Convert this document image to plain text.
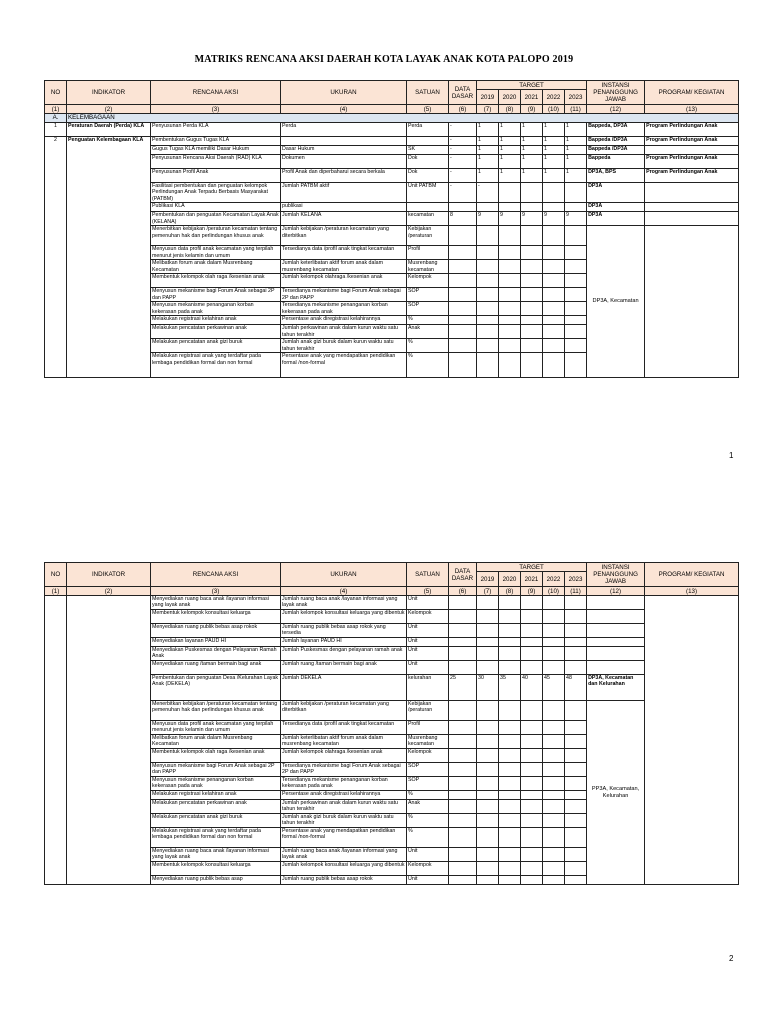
MATRIKS RENCANA AKSI DAERAH KOTA LAYAK ANAK KOTA PALOPO 2019
NO	INDIKATOR	RENCANA AKSI	UKURAN	SATUAN	DATA DASAR	TARGET					INSTANSI PENANGGUNG JAWAB	PROGRAM/ KEGIATAN
						2019	2020	2021	2022	2023		
(1)	(2)	(3)	(4)	(5)	(6)	(7)	(8)	(9)	(10)	(11)	(12)	(13)
A.	KELEMBAGAAN											
1	Peraturan Daerah (Perda) KLA	Penyusunan Perda KLA	Perda	Perda	-	1	1	1	1	1	Bappeda, DP3A	Program Perlindungan Anak
2	Penguatan Kelembagaan KLA	Pembentukan Gugus Tugas KLA			-	1	1	1	1	1	Bappeda /DP3A	Program Perlindungan Anak
		Gugus Tugas KLA memiliki Dasar Hukum	Dasar Hukum	SK	-	1	1	1	1	1	Bappeda /DP3A	
		Penyusunan Rencana Aksi Daerah (RAD) KLA	Dokumen	Dok	-	1	1	1	1	1	Bappeda	Program Perlindungan Anak
		Penyusunan Profil Anak	Profil Anak dan diperbaharui secara berkala	Dok	-	1	1	1	1	1	DP3A, BPS	Program Perlindungan Anak
		Fasilitasi pembentukan dan penguatan kelompok Perlindungan Anak Terpadu Berbasis Masyarakat (PATBM)	Jumlah PATBM aktif	Unit PATBM	-	-					DP3A	
		Publikasi KLA	publikasi								DP3A	
		Pembentukan dan penguatan Kecamatan Layak Anak (KELANA)	Jumlah KELANA	kecamatan	8	9	9	9	9	9	DP3A	
		Menerbitkan kebijakan /peraturan kecamatan tentang pemenuhan hak dan perlindungan khusus anak	Jumlah kebijakan /peraturan kecamatan yang diterbitkan	Kebijakan /peraturan							DP3A, Kecamatan	
		Menyusun data profil anak kecamatan yang terpilah menurut jenis kelamin dan umum	Tersedianya data /profil anak tingkat kecamatan	Profil								
		Melibatkan forum anak dalam Musrenbang Kecamatan	Jumlah keterlibatan aktif forum anak dalam musrenbang kecamatan	Musrenbang kecamatan								
		Membentuk kelompok olah raga /kesenian anak	Jumlah kelompok olahraga /kesenian anak	Kelompok								
		Menyusun mekanisme bagi Forum Anak sebagai 2P dan PAPP	Tersedianya mekanisme bagi Forum Anak sebagai 2P dan PAPP	SOP								
		Menyusun mekanisme penanganan korban kekerasan pada anak	Tersedianya mekanisme penanganan korban kekerasan pada anak	SOP								
		Melakukan registrasi kelahiran anak	Persentase anak diregistrasi kelahirannya	%								
		Melakukan pencatatan perkawinan anak	Jumlah perkawinan anak dalam kurun waktu satu tahun terakhir	Anak								
		Melakukan pencatatan anak gizi buruk	Jumlah anak gizi buruk dalam kurun waktu satu tahun terakhir	%								
		Melakukan registrasi anak yang terdaftar pada lembaga pendidikan formal dan non formal	Persentase anak yang mendapatkan pendidikan formal /non-formal	%								
1
NO	INDIKATOR	RENCANA AKSI	UKURAN	SATUAN	DATA DASAR	TARGET					INSTANSI PENANGGUNG JAWAB	PROGRAM/ KEGIATAN
						2019	2020	2021	2022	2023		
(1)	(2)	(3)	(4)	(5)	(6)	(7)	(8)	(9)	(10)	(11)	(12)	(13)
		Menyediakan ruang baca anak /layanan informasi yang layak anak	Jumlah ruang baca anak /layanan informasi yang layak anak	Unit								
		Membentuk kelompok konsultasi keluarga	Jumlah kelompok konsultasi keluarga yang dibentuk	Kelompok								
		Menyediakan ruang publik bebas asap rokok	Jumlah ruang publik bebas asap rokok yang tersedia	Unit								
		Menyediakan layanan PAUD HI	Jumlah layanan PAUD HI	Unit								
		Menyediakan Puskesmas dengan Pelayanan Ramah Anak	Jumlah Puskesmas dengan pelayanan ramah anak	Unit								
		Menyediakan ruang /taman bermain bagi anak	Jumlah ruang /taman bermain bagi anak	Unit								
		Pembentukan dan penguatan Desa /Kelurahan Layak Anak (DEKELA)	Jumlah DEKELA	kelurahan	25	30	35	40	45	48	DP3A, Kecamatan dan Kelurahan	
		Menerbitkan kebijakan /peraturan kecamatan tentang pemenuhan hak dan perlindungan khusus anak	Jumlah kebijakan /peraturan kecamatan yang diterbitkan	Kebijakan /peraturan							PP3A, Kecamatan, Kelurahan	
		Menyusun data profil anak kecamatan yang terpilah menurut jenis kelamin dan umum	Tersedianya data /profil anak tingkat kecamatan	Profil								
		Melibatkan forum anak dalam Musrenbang Kecamatan	Jumlah keterlibatan aktif forum anak dalam musrenbang kecamatan	Musrenbang kecamatan								
		Membentuk kelompok olah raga /kesenian anak	Jumlah kelompok olahraga /kesenian anak	Kelompok								
		Menyusun mekanisme bagi Forum Anak sebagai 2P dan PAPP	Tersedianya mekanisme bagi Forum Anak sebagai 2P dan PAPP	SOP								
		Menyusun mekanisme penanganan korban kekerasan pada anak	Tersedianya mekanisme penanganan korban kekerasan pada anak	SOP								
		Melakukan registrasi kelahiran anak	Persentase anak diregistrasi kelahirannya	%								
		Melakukan pencatatan perkawinan anak	Jumlah perkawinan anak dalam kurun waktu satu tahun terakhir	Anak								
		Melakukan pencatatan anak gizi buruk	Jumlah anak gizi buruk dalam kurun waktu satu tahun terakhir	%								
		Melakukan registrasi anak yang terdaftar pada lembaga pendidikan formal dan non formal	Persentase anak yang mendapatkan pendidikan formal /non-formal	%								
		Menyediakan ruang baca anak /layanan informasi yang layak anak	Jumlah ruang baca anak /layanan informasi yang layak anak	Unit								
		Membentuk kelompok konsultasi keluarga	Jumlah kelompok konsultasi keluarga yang dibentuk	Kelompok								
		Menyediakan ruang publik bebas asap	Jumlah ruang publik bebas asap rokok	Unit								
2
